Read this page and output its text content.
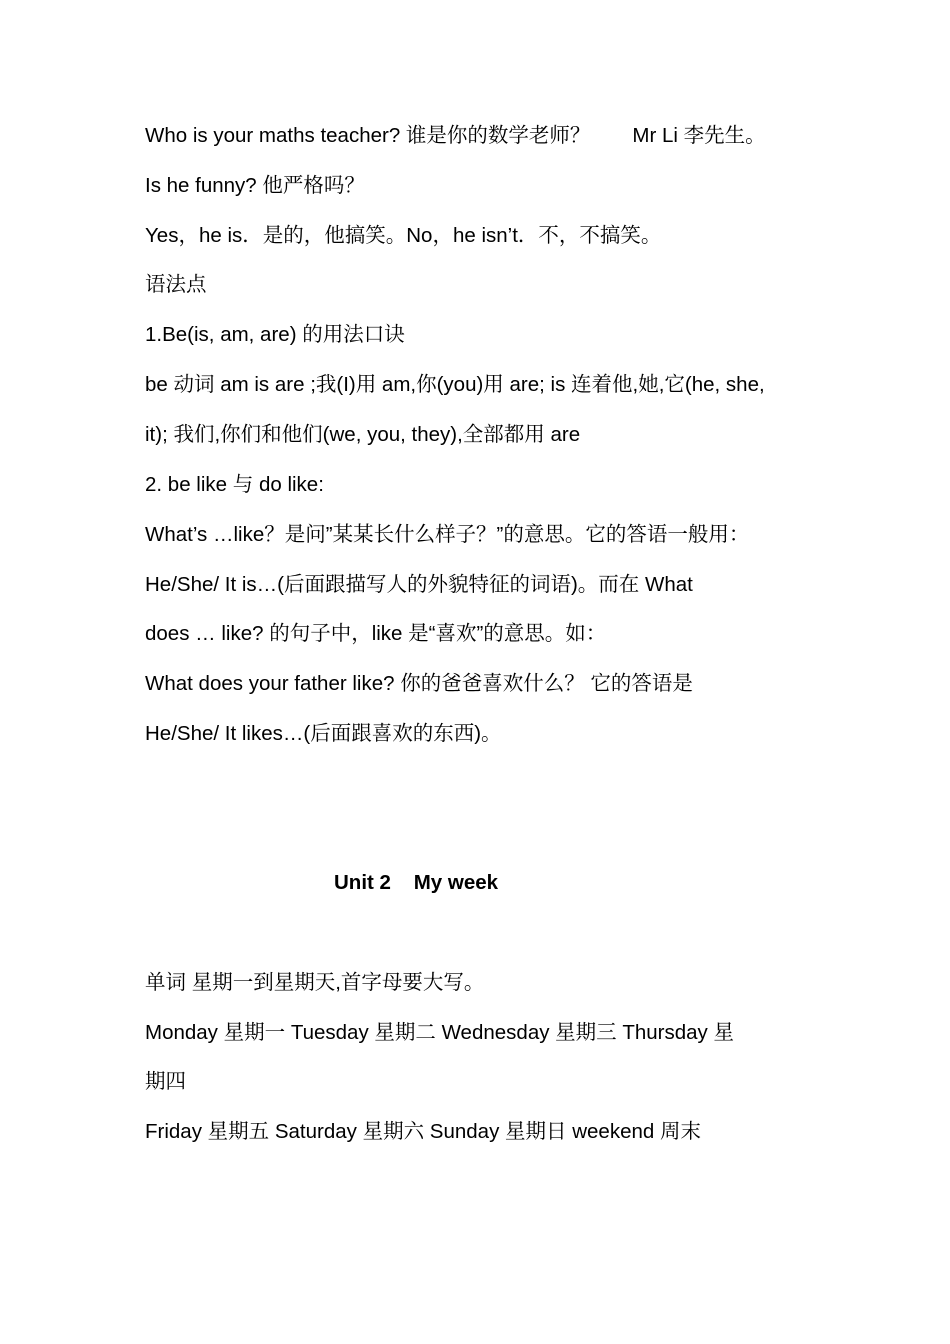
Who is your maths teacher? 谁是你的数学老师？ Mr Li 李先生。
Is he funny? 他严格吗？
Yes，he is．是的，他搞笑。No，he isn’t．不，不搞笑。
语法点
1.Be(is, am, are) 的用法口诀
be 动词 am is are ;我(I)用 am,你(you)用 are; is 连着他,她,它(he, she,
it); 我们,你们和他们(we, you, they),全部都用 are
2. be like 与 do like:
What’s …like？是问”某某长什么样子？”的意思。它的答语一般用：
He/She/ It is…(后面跟描写人的外貌特征的词语)。而在 What
does … like? 的句子中，like 是“喜欢”的意思。如：
What does your father like? 你的爸爸喜欢什么？ 它的答语是
He/She/ It likes…(后面跟喜欢的东西)。
Unit 2    My week
单词 星期一到星期天,首字母要大写。
Monday 星期一 Tuesday 星期二 Wednesday 星期三 Thursday 星
期四
Friday 星期五 Saturday 星期六 Sunday 星期日 weekend 周末
